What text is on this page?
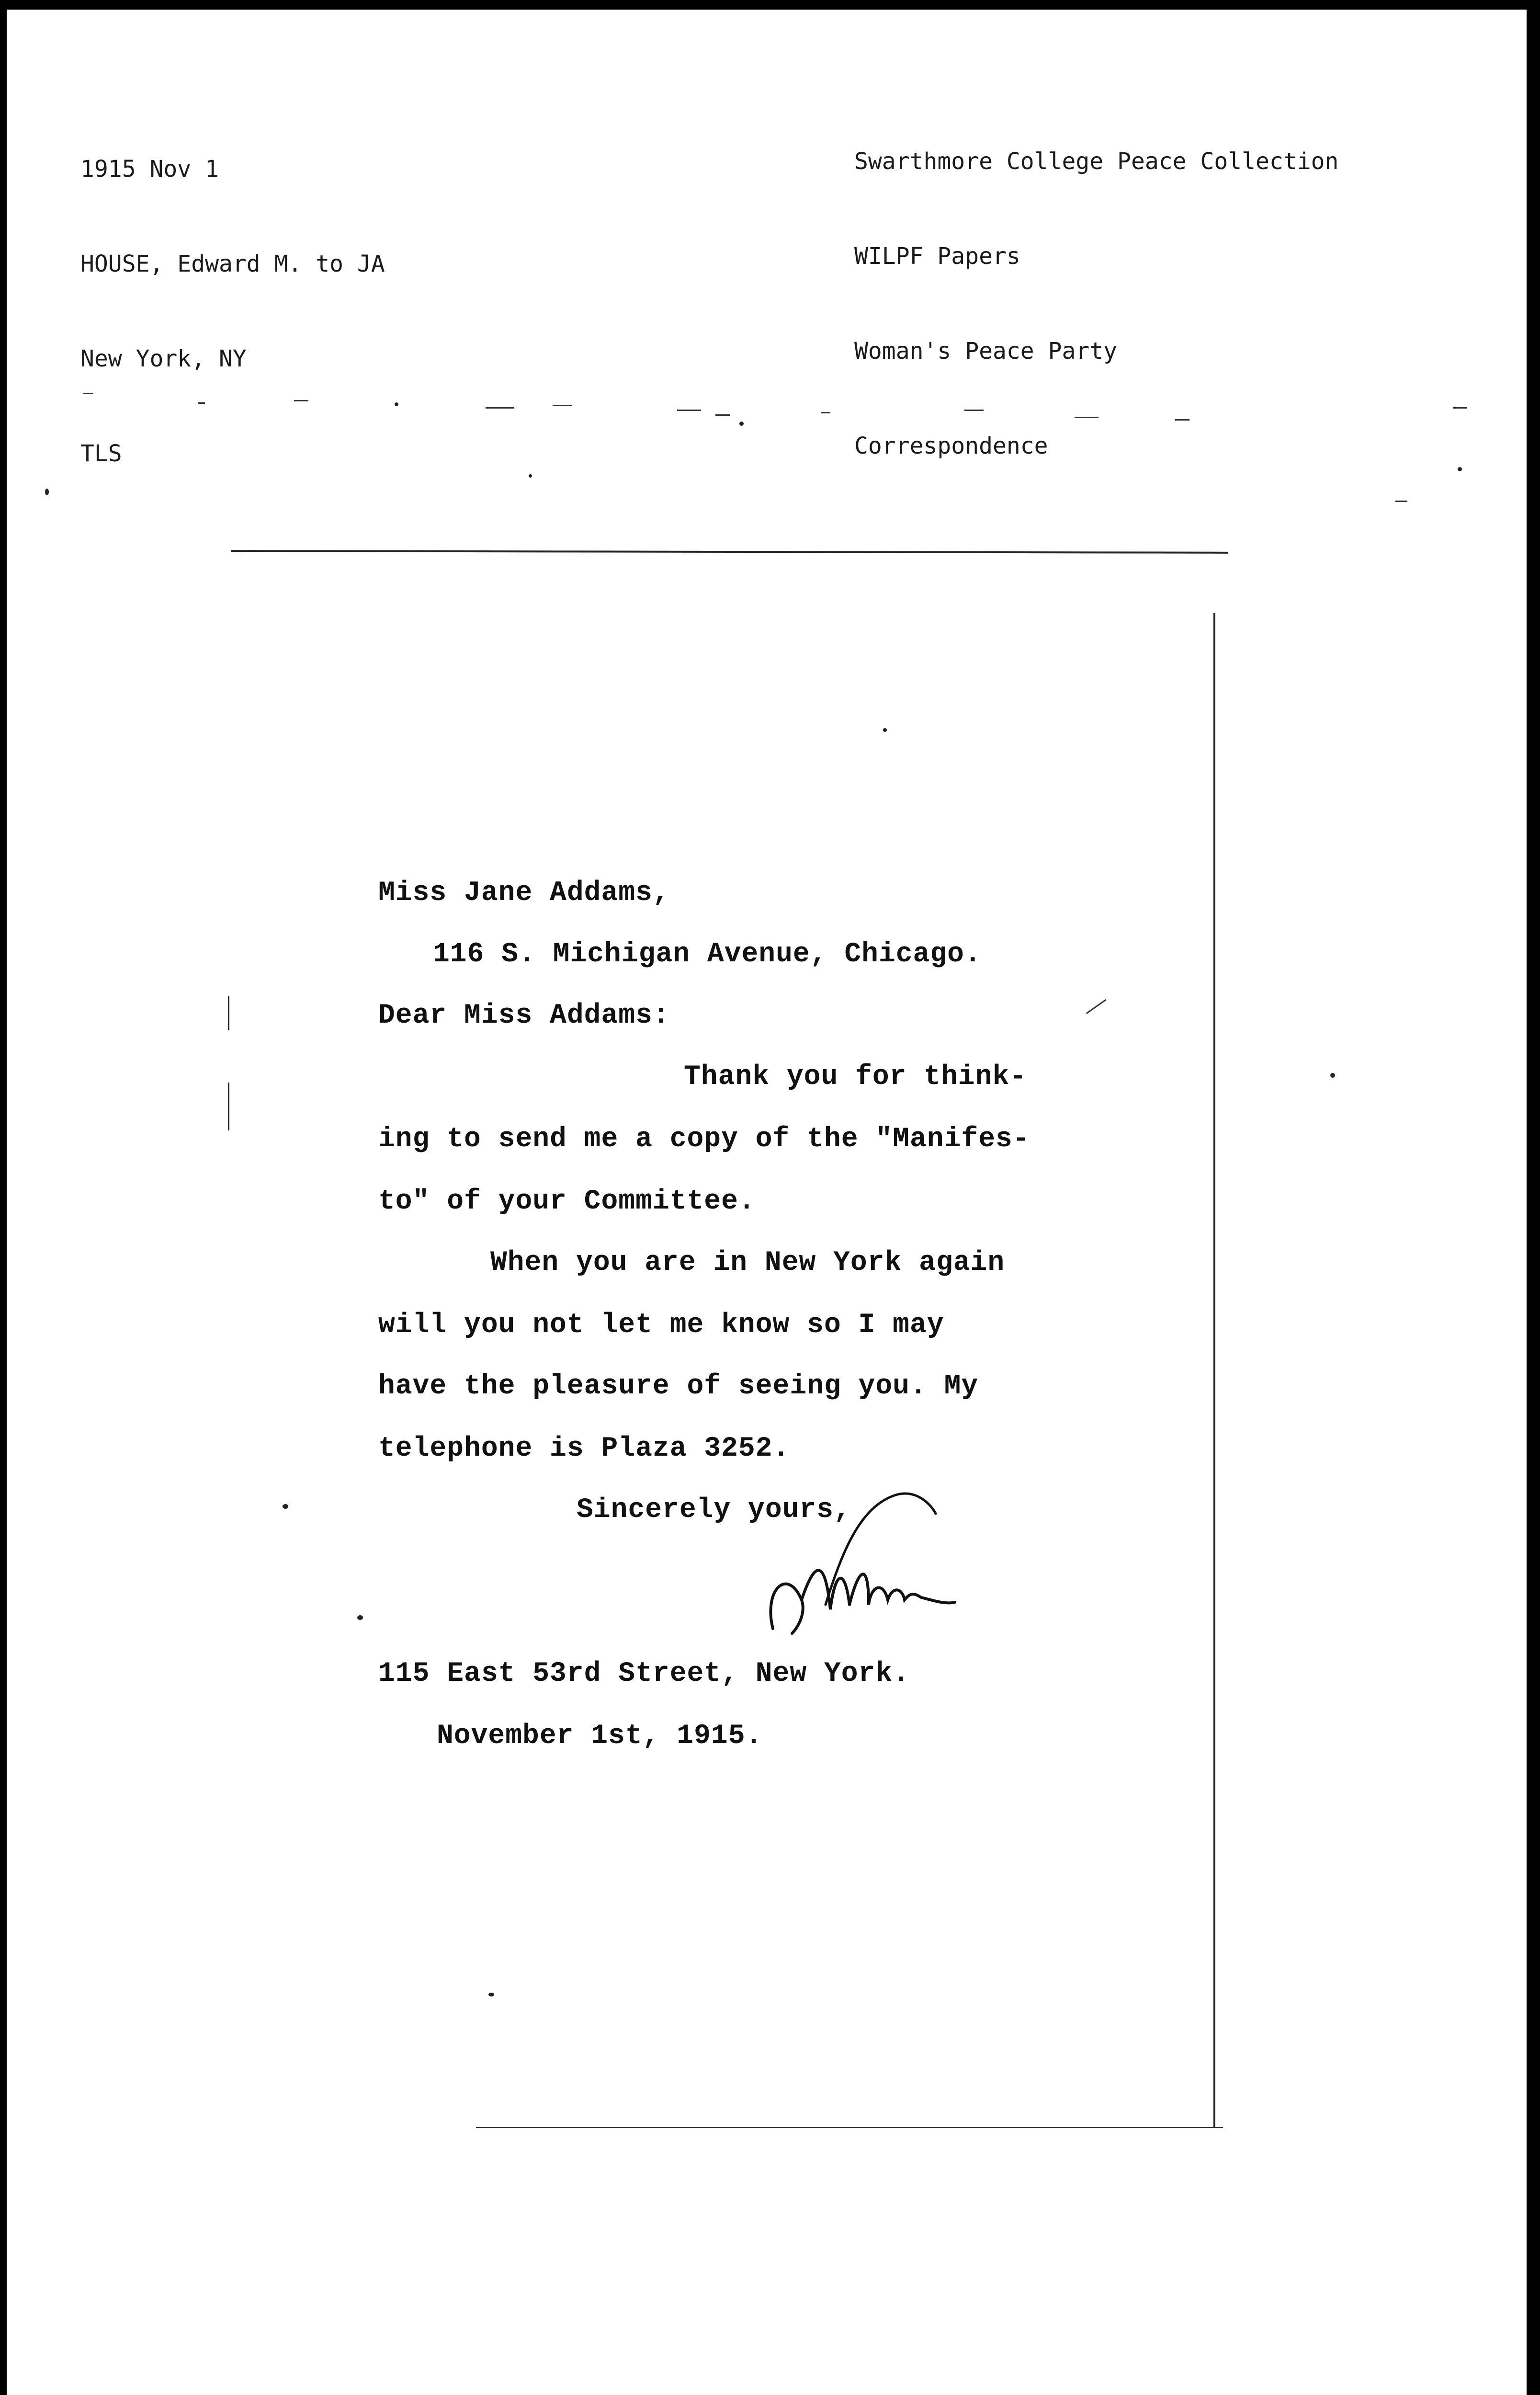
1915 Nov 1

HOUSE, Edward M. to JA

New York, NY

TLS

Swarthmore College Peace Collection

WILPF Papers

Woman's Peace Party

Correspondence

Miss Jane Addams,
116 S. Michigan Avenue, Chicago.
Dear Miss Addams:
Thank you for think-
ing to send me a copy of the "Manifes-
to" of your Committee.
When you are in New York again
will you not let me know so I may
have the pleasure of seeing you. My
telephone is Plaza 3252.
Sincerely yours,
115 East 53rd Street, New York.
November 1st, 1915.
